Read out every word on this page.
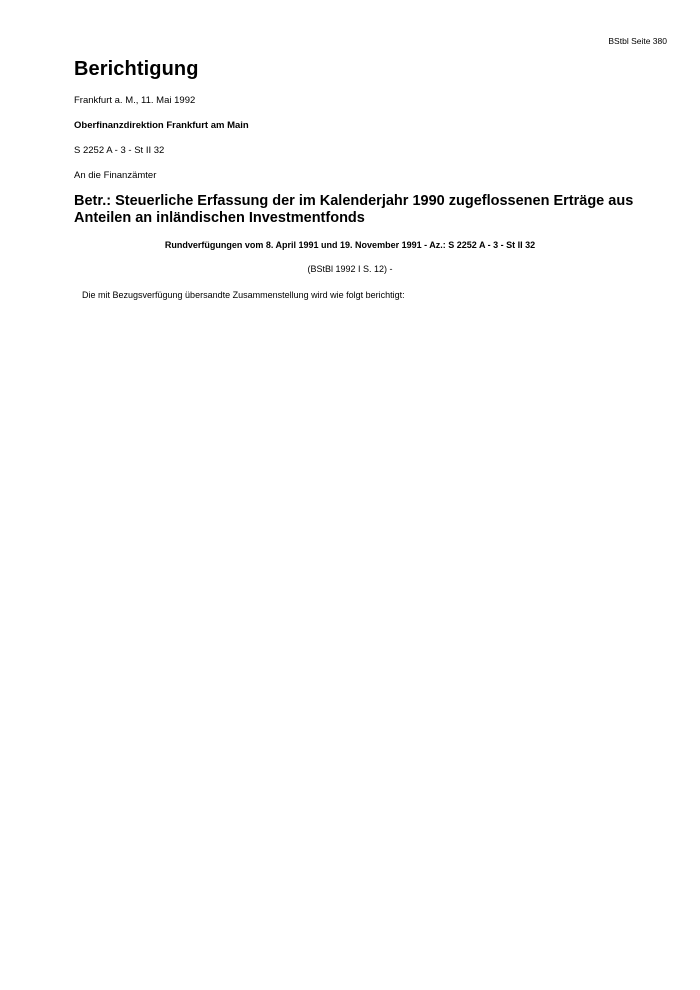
BStbl Seite 380
Berichtigung

Frankfurt a. M., 11. Mai 1992

Oberfinanzdirektion Frankfurt am Main

S 2252 A - 3 - St II 32

An die Finanzämter

Betr.: Steuerliche Erfassung der im Kalenderjahr 1990 zugeflossenen Erträge aus Anteilen an inländischen Investmentfonds

Rundverfügungen vom 8. April 1991 und 19. November 1991 - Az.: S 2252 A - 3 - St II 32

(BStBl 1992 I S. 12) -

Die mit Bezugsverfügung übersandte Zusammenstellung wird wie folgt berichtigt:
